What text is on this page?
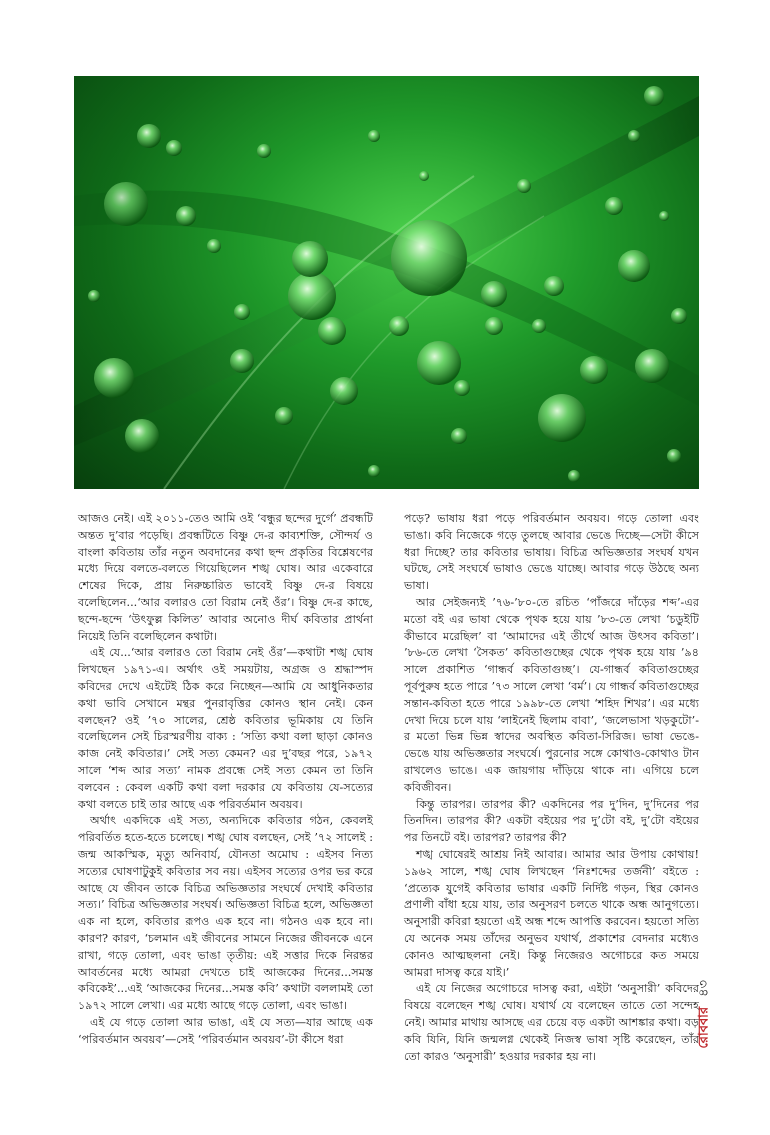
আজও নেই। এই ২০১১-তেও আমি ওই ‘বন্ধুর ছন্দের দুর্গে’ প্রবন্ধটি অন্তত দু’বার পড়েছি। প্রবন্ধটিতে বিষ্ণু দে-র কাব্যশক্তি, সৌন্দর্য ও বাংলা কবিতায় তাঁর নতুন অবদানের কথা ছন্দ প্রকৃতির বিশ্লেষণের মধ্যে দিয়ে বলতে-বলতে গিয়েছিলেন শঙ্খ ঘোষ। আর একেবারে শেষের দিকে, প্রায় নিরুচ্চারিত ভাবেই বিষ্ণু দে-র বিষয়ে বলেছিলেন...‘আর বলারও তো বিরাম নেই ওঁর’। বিষ্ণু দে-র কাছে, ছন্দে-ছন্দে ‘উৎফুল্ল কিলিত’ আবার অনোও দীর্ঘ কবিতার প্রার্থনা নিয়েই তিনি বলেছিলেন কথাটা।

এই যে...‘আর বলারও তো বিরাম নেই ওঁর’—কথাটা শঙ্খ ঘোষ লিখছেন ১৯৭১-এ। অর্থাৎ ওই সময়টায়, অগ্রজ ও শ্রদ্ধাস্পদ কবিদের দেখে এইটেই ঠিক করে নিচ্ছেন—আমি যে আধুনিকতার কথা ভাবি সেখানে মন্থর পুনরাবৃত্তির কোনও স্থান নেই। কেন বলছেন? ওই ’৭০ সালের, শ্রেষ্ঠ কবিতার ভূমিকায় যে তিনি বলেছিলেন সেই চিরস্মরণীয় বাক্য : ‘সত্যি কথা বলা ছাড়া কোনও কাজ নেই কবিতার।’ সেই সত্য কেমন? এর দু’বছর পরে, ১৯৭২ সালে ‘শব্দ আর সত্য’ নামক প্রবন্ধে সেই সত্য কেমন তা তিনি বলবেন : কেবল একটি কথা বলা দরকার যে কবিতায় যে-সত্যের কথা বলতে চাই তার আছে এক পরিবর্তমান অবয়ব।

অর্থাৎ একদিকে এই সত্য, অন্যদিকে কবিতার গঠন, কেবলই পরিবর্তিত হতে-হতে চলেছে। শঙ্খ ঘোষ বলছেন, সেই ’৭২ সালেই : জন্ম আকস্মিক, মৃত্যু অনিবার্য, যৌনতা অমোঘ : এইসব নিত্য সত্যের ঘোষণাটুকুই কবিতার সব নয়। এইসব সত্যের ওপর ভর করে আছে যে জীবন তাকে বিচিত্র অভিজ্ঞতার সংঘর্ষে দেখাই কবিতার সত্য।’ বিচিত্র অভিজ্ঞতার সংঘর্ষ। অভিজ্ঞতা বিচিত্র হলে, অভিজ্ঞতা এক না হলে, কবিতার রূপও এক হবে না। গঠনও এক হবে না। কারণ? কারণ, ‘চলমান এই জীবনের সামনে নিজের জীবনকে এনে রাখা, গড়ে তোলা, এবং ভাঙা তৃতীয়: এই সত্তার দিকে নিরন্তর আবর্তনের মধ্যে আমরা দেখতে চাই আজকের দিনের...সমস্ত কবিকেই’...এই ‘আজকের দিনের...সমস্ত কবি’ কথাটা বললামই তো ১৯৭২ সালে লেখা। এর মধ্যে আছে গড়ে তোলা, এবং ভাঙা।

এই যে গড়ে তোলা আর ভাঙা, এই যে সত্য—যার আছে এক ‘পরিবর্তমান অবয়ব’—সেই ‘পরিবর্তমান অবয়ব’-টা কীসে ধরা

পড়ে? ভাষায় ধরা পড়ে পরিবর্তমান অবয়ব। গড়ে তোলা এবং ভাঙা। কবি নিজেকে গড়ে তুলছে আবার ভেঙে দিচ্ছে—সেটা কীসে ধরা দিচ্ছে? তার কবিতার ভাষায়। বিচিত্র অভিজ্ঞতার সংঘর্ষ যখন ঘটছে, সেই সংঘর্ষে ভাষাও ভেঙে যাচ্ছে। আবার গড়ে উঠছে অন্য ভাষা।

আর সেইজন্যই ’৭৬-’৮০-তে রচিত ‘পাঁজরে দাঁড়ের শব্দ’-এর মতো বই এর ভাষা থেকে পৃথক হয়ে যায় ’৮৩-তে লেখা ‘চডুইটি কীভাবে মরেছিল’ বা ‘আমাদের এই তীর্থে আজ উৎসব কবিতা’। ’৮৬-তে লেখা ‘সৈকত’ কবিতাগুচ্ছের থেকে পৃথক হয়ে যায় ’৯৪ সালে প্রকাশিত ‘গান্ধর্ব কবিতাগুচ্ছ’। যে-গান্ধর্ব কবিতাগুচ্ছের পূর্বপুরুষ হতে পারে ’৭৩ সালে লেখা ‘বর্ম’। যে গান্ধর্ব কবিতাগুচ্ছের সন্তান-কবিতা হতে পারে ১৯৯৮-তে লেখা ‘শহিদ শিখর’। এর মধ্যে দেখা দিয়ে চলে যায় ‘লাইনেই ছিলাম বাবা’, ‘জলেভাসা খড়কুটো’-র মতো ভিন্ন ভিন্ন স্বাদের অবস্থিত কবিতা-সিরিজ। ভাষা ভেঙে-ভেঙে যায় অভিজ্ঞতার সংঘর্ষে। পুরনোর সঙ্গে কোথাও-কোথাও টান রাখলেও ভাঙে। এক জায়গায় দাঁড়িয়ে থাকে না। এগিয়ে চলে কবিজীবন।

কিন্তু তারপর। তারপর কী? একদিনের পর দু’দিন, দু’দিনের পর তিনদিন। তারপর কী? একটা বইয়ের পর দু’টো বই, দু’টো বইয়ের পর তিনটে বই। তারপর? তারপর কী?

শঙ্খ ঘোষেরই আশ্রয় নিই আবার। আমার আর উপায় কোথায়! ১৯৬২ সালে, শঙ্খ ঘোষ লিখছেন ‘নিঃশব্দের তর্জনী’ বইতে : ‘প্রত্যেক যুগেই কবিতার ভাষার একটি নির্দিষ্ট গড়ন, স্থির কোনও প্রণালী বাঁধা হয়ে যায়, তার অনুসরণ চলতে থাকে অন্ধ আনুগত্যে। অনুসারী কবিরা হয়তো এই অন্ধ শব্দে আপত্তি করবেন। হয়তো সত্যি যে অনেক সময় তাঁদের অনুভব যথার্থ, প্রকাশের বেদনার মধ্যেও কোনও আত্মছলনা নেই। কিন্তু নিজেরও অগোচরে কত সময়ে আমরা দাসত্ব করে যাই।’

এই যে নিজের অগোচরে দাসত্ব করা, এইটা ‘অনুসারী’ কবিদের বিষয়ে বলেছেন শঙ্খ ঘোষ। যথার্থ যে বলেছেন তাতে তো সন্দেহ নেই। আমার মাথায় আসছে এর চেয়ে বড় একটা আশঙ্কার কথা। বড় কবি যিনি, যিনি জন্মলগ্ন থেকেই নিজস্ব ভাষা সৃষ্টি করেছেন, তাঁর তো কারও ‘অনুসারী’ হওয়ার দরকার হয় না।

রোববার৪৩
